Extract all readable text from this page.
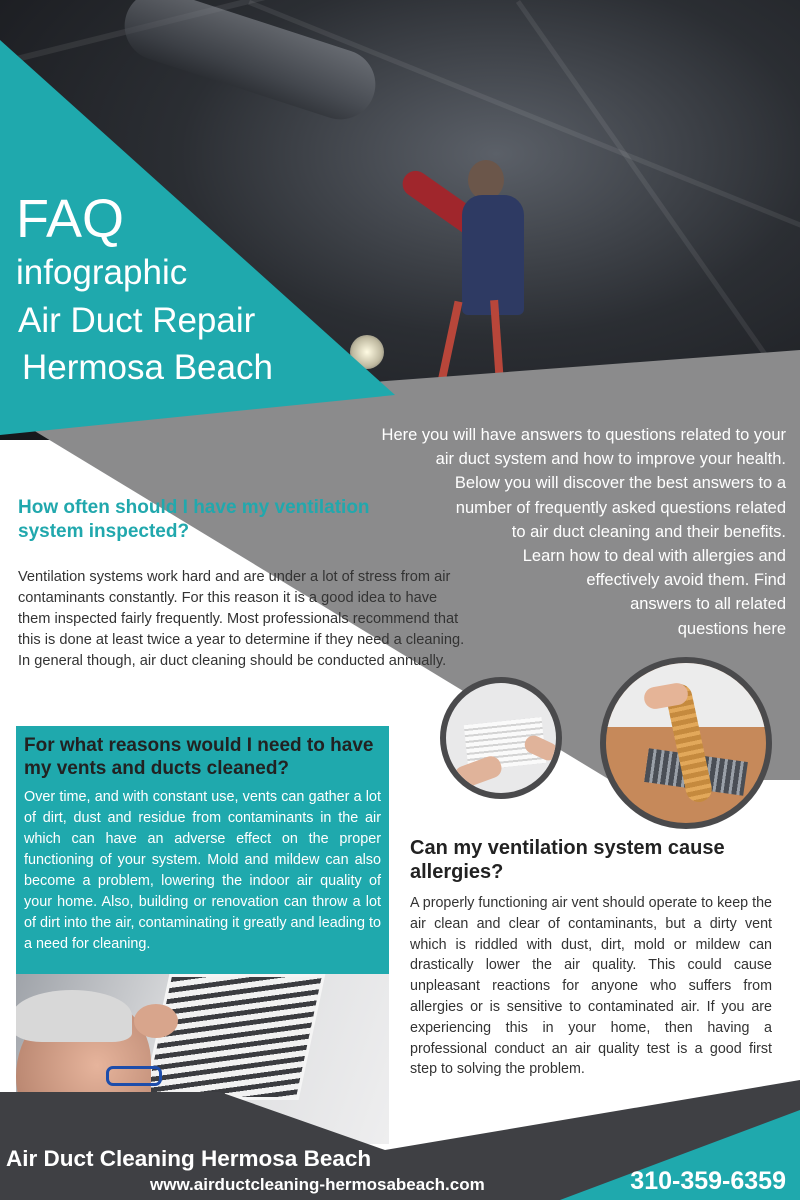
FAQ
infographic
Air Duct Repair
Hermosa Beach
Here you will have answers to questions related to your
air duct system and how to improve your health.
Below you will discover the best answers to a
number of frequently asked questions related
to air duct cleaning and their benefits.
Learn how to deal with allergies and
effectively avoid them. Find
answers to all related
questions here
How often should I have my ventilation system inspected?
Ventilation systems work hard and are under a lot of stress from air contaminants constantly. For this reason it is a good idea to have them inspected fairly frequently. Most professionals recommend that this is done at least twice a year to determine if they need a cleaning. In general though, air duct cleaning should be conducted annually.
For what reasons would I need to have my vents and ducts cleaned?
Over time, and with constant use, vents can gather a lot of dirt, dust and residue from contaminants in the air which can have an adverse effect on the proper functioning of your system. Mold and mildew can also become a problem, lowering the indoor air quality of your home. Also, building or renovation can throw a lot of dirt into the air, contaminating it greatly and leading to a need for cleaning.
Can my ventilation system cause allergies?
A properly functioning air vent should operate to keep the air clean and clear of contaminants, but a dirty vent which is riddled with dust, dirt, mold or mildew can drastically lower the air quality. This could cause unpleasant reactions for anyone who suffers from allergies or is sensitive to contaminated air. If you are experiencing this in your home, then having a professional conduct an air quality test is a good first step to solving the problem.
Air Duct Cleaning Hermosa Beach
www.airductcleaning-hermosabeach.com	310-359-6359
